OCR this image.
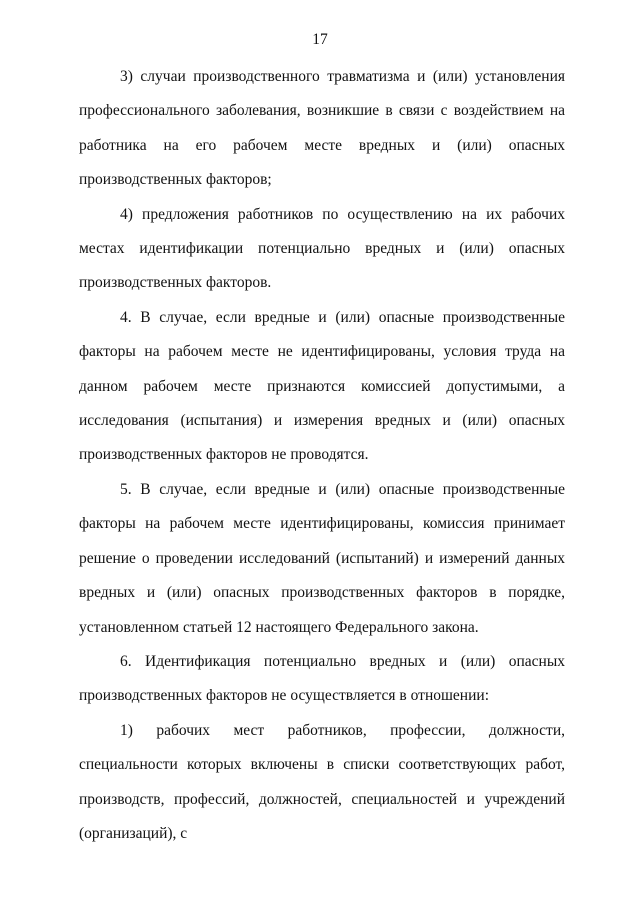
17

3) случаи производственного травматизма и (или) установления профессионального заболевания, возникшие в связи с воздействием на работника на его рабочем месте вредных и (или) опасных производственных факторов;

4) предложения работников по осуществлению на их рабочих местах идентификации потенциально вредных и (или) опасных производственных факторов.

4. В случае, если вредные и (или) опасные производственные факторы на рабочем месте не идентифицированы, условия труда на данном рабочем месте признаются комиссией допустимыми, а исследования (испытания) и измерения вредных и (или) опасных производственных факторов не проводятся.

5. В случае, если вредные и (или) опасные производственные факторы на рабочем месте идентифицированы, комиссия принимает решение о проведении исследований (испытаний) и измерений данных вредных и (или) опасных производственных факторов в порядке, установленном статьей 12 настоящего Федерального закона.

6. Идентификация потенциально вредных и (или) опасных производственных факторов не осуществляется в отношении:

1) рабочих мест работников, профессии, должности, специальности которых включены в списки соответствующих работ, производств, профессий, должностей, специальностей и учреждений (организаций), с
